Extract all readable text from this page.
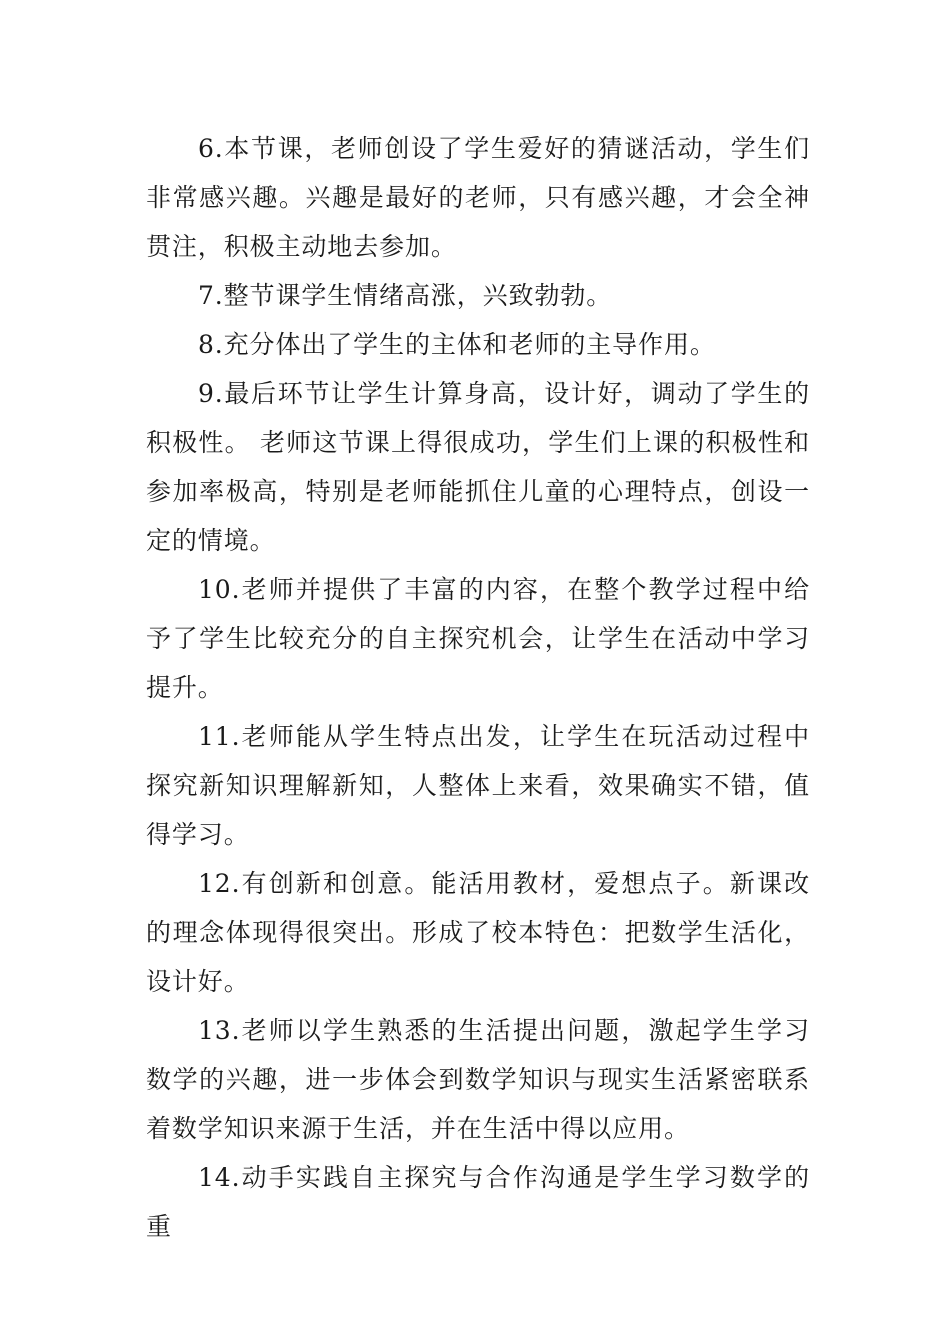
6.本节课，老师创设了学生爱好的猜谜活动，学生们非常感兴趣。兴趣是最好的老师，只有感兴趣，才会全神贯注，积极主动地去参加。

7.整节课学生情绪高涨，兴致勃勃。

8.充分体出了学生的主体和老师的主导作用。

9.最后环节让学生计算身高，设计好，调动了学生的积极性。 老师这节课上得很成功，学生们上课的积极性和参加率极高，特别是老师能抓住儿童的心理特点，创设一定的情境。

10.老师并提供了丰富的内容，在整个教学过程中给予了学生比较充分的自主探究机会，让学生在活动中学习提升。

11.老师能从学生特点出发，让学生在玩活动过程中探究新知识理解新知，人整体上来看，效果确实不错，值得学习。

12.有创新和创意。能活用教材，爱想点子。新课改的理念体现得很突出。形成了校本特色：把数学生活化，设计好。

13.老师以学生熟悉的生活提出问题，激起学生学习数学的兴趣，进一步体会到数学知识与现实生活紧密联系着数学知识来源于生活，并在生活中得以应用。

14.动手实践自主探究与合作沟通是学生学习数学的重
